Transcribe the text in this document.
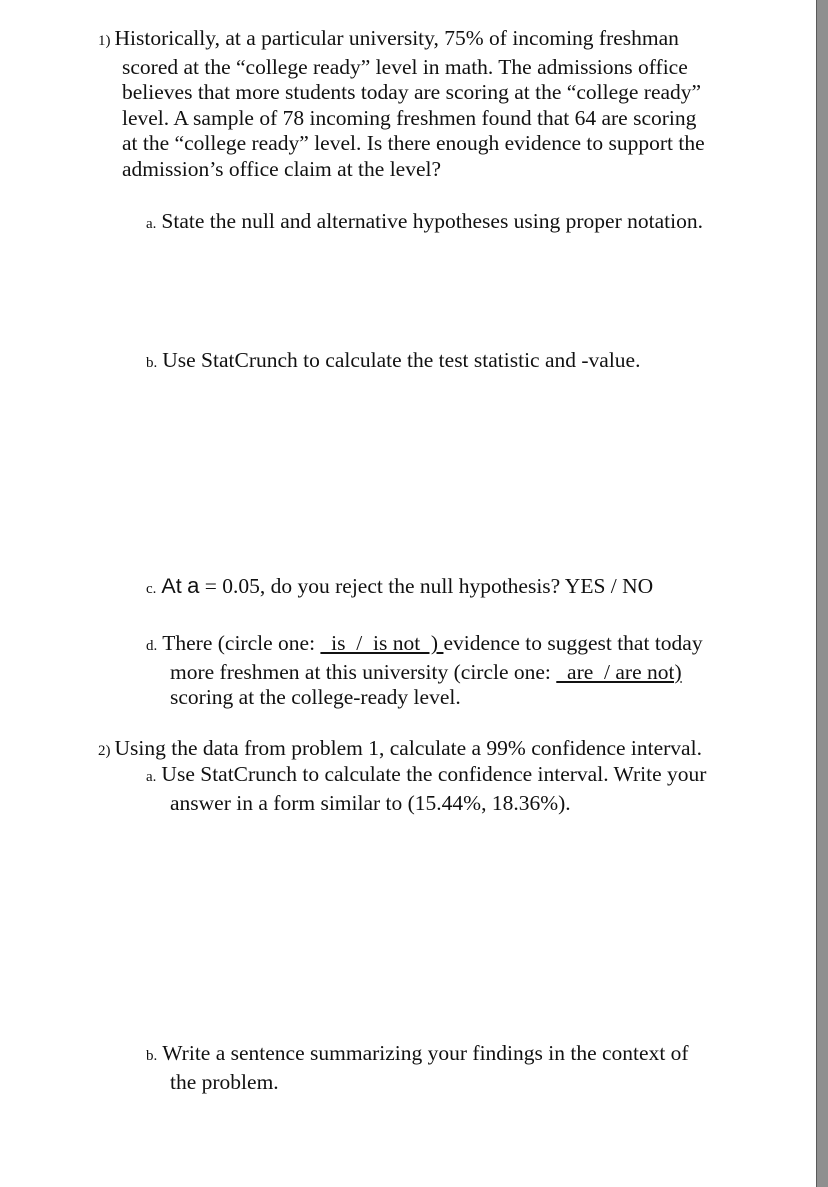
1) Historically, at a particular university, 75% of incoming freshman
scored at the “college ready” level in math. The admissions office
believes that more students today are scoring at the “college ready”
level. A sample of 78 incoming freshmen found that 64 are scoring
at the “college ready” level. Is there enough evidence to support the
admission’s office claim at the level?
a. State the null and alternative hypotheses using proper notation.
b. Use StatCrunch to calculate the test statistic and -value.
c. At a = 0.05, do you reject the null hypothesis? YES / NO
d. There (circle one:   is  /  is not  ) evidence to suggest that today
more freshmen at this university (circle one:   are  / are not)
scoring at the college-ready level.
2) Using the data from problem 1, calculate a 99% confidence interval.
a. Use StatCrunch to calculate the confidence interval. Write your
answer in a form similar to (15.44%, 18.36%).
b. Write a sentence summarizing your findings in the context of
the problem.
